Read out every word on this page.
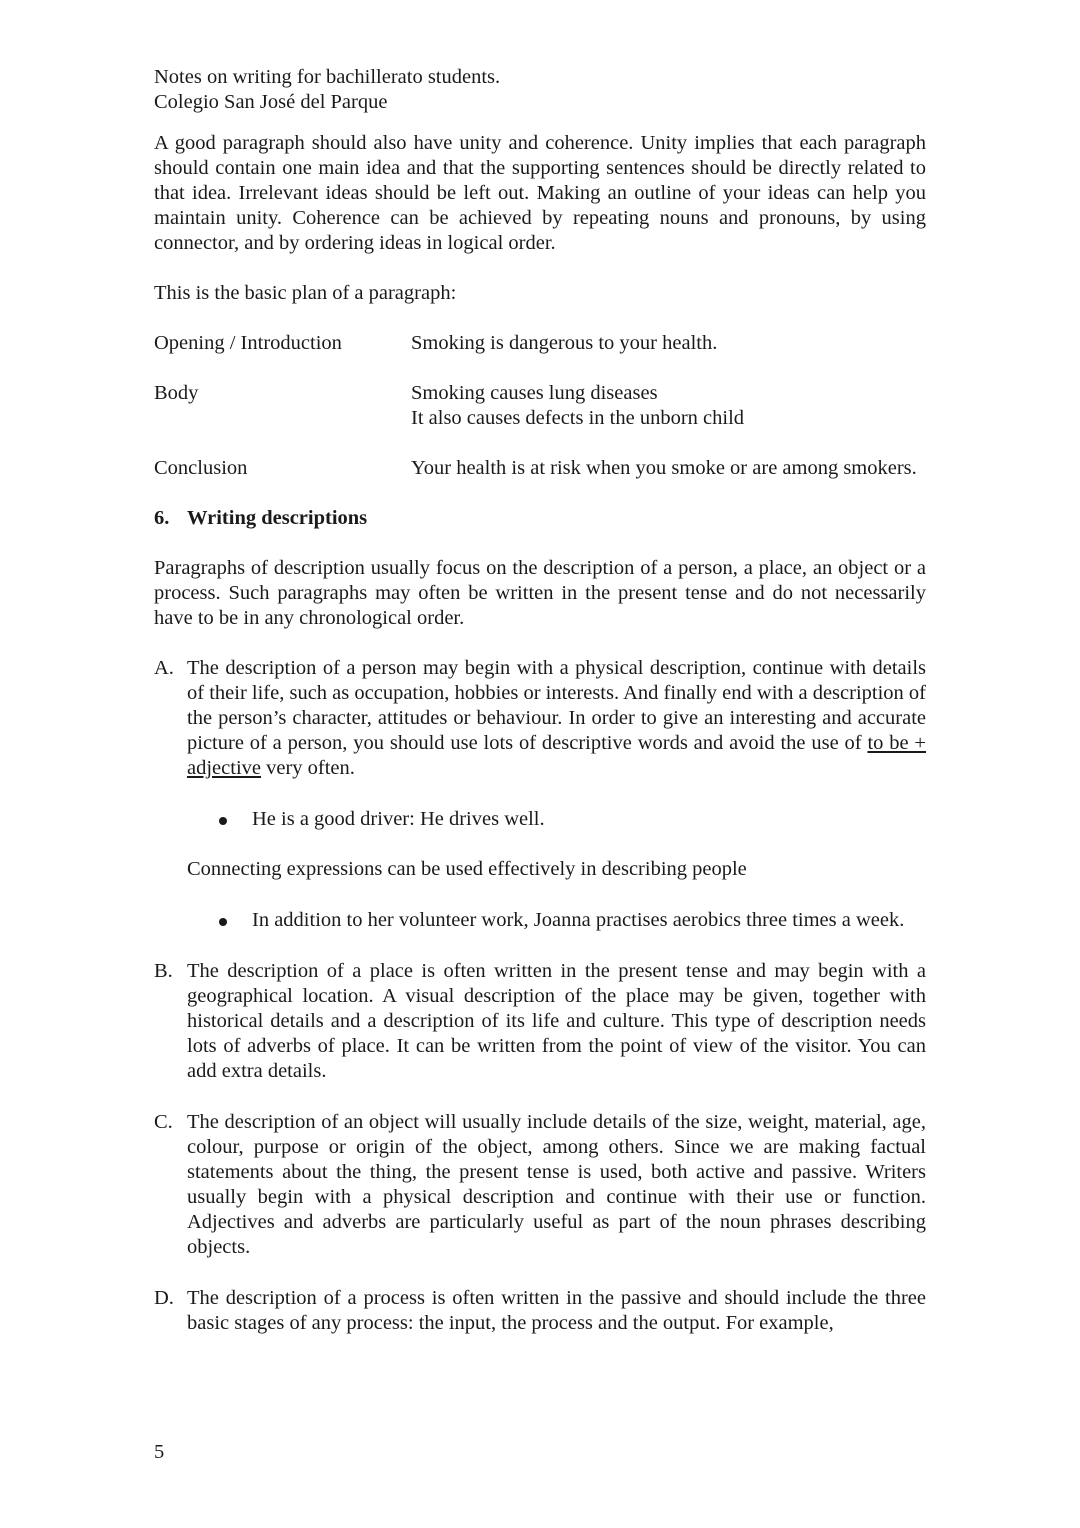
Notes on writing for bachillerato students.
Colegio San José del Parque

A good paragraph should also have unity and coherence. Unity implies that each paragraph should contain one main idea and that the supporting sentences should be directly related to that idea. Irrelevant ideas should be left out. Making an outline of your ideas can help you maintain unity. Coherence can be achieved by repeating nouns and pronouns, by using connector, and by ordering ideas in logical order.

This is the basic plan of a paragraph:

Opening / Introduction	Smoking is dangerous to your health.
Body	Smoking causes lung diseases
It also causes defects in the unborn child
Conclusion	Your health is at risk when you smoke or are among smokers.
6. Writing descriptions

Paragraphs of description usually focus on the description of a person, a place, an object or a process. Such paragraphs may often be written in the present tense and do not necessarily have to be in any chronological order.

A. The description of a person may begin with a physical description, continue with details of their life, such as occupation, hobbies or interests. And finally end with a description of the person’s character, attitudes or behaviour. In order to give an interesting and accurate picture of a person, you should use lots of descriptive words and avoid the use of to be + adjective very often.
He is a good driver: He drives well.

Connecting expressions can be used effectively in describing people

In addition to her volunteer work, Joanna practises aerobics three times a week.
B. The description of a place is often written in the present tense and may begin with a geographical location. A visual description of the place may be given, together with historical details and a description of its life and culture. This type of description needs lots of adverbs of place. It can be written from the point of view of the visitor. You can add extra details.
C. The description of an object will usually include details of the size, weight, material, age, colour, purpose or origin of the object, among others. Since we are making factual statements about the thing, the present tense is used, both active and passive. Writers usually begin with a physical description and continue with their use or function. Adjectives and adverbs are particularly useful as part of the noun phrases describing objects.
D. The description of a process is often written in the passive and should include the three basic stages of any process: the input, the process and the output. For example,
5
